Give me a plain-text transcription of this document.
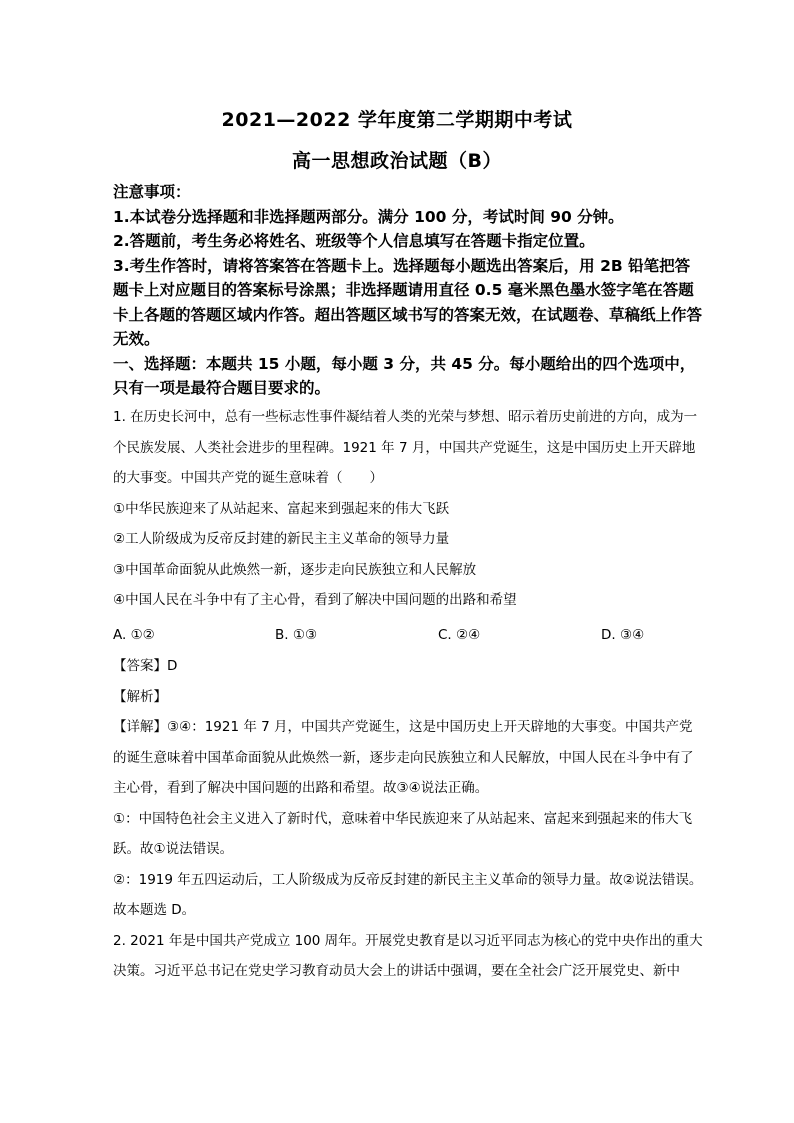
2021—2022 学年度第二学期期中考试
高一思想政治试题（B）

注意事项：

1.本试卷分选择题和非选择题两部分。满分 100 分，考试时间 90 分钟。

2.答题前，考生务必将姓名、班级等个人信息填写在答题卡指定位置。

3.考生作答时，请将答案答在答题卡上。选择题每小题选出答案后，用 2B 铅笔把答题卡上对应题目的答案标号涂黑；非选择题请用直径 0.5 毫米黑色墨水签字笔在答题卡上各题的答题区域内作答。超出答题区域书写的答案无效，在试题卷、草稿纸上作答无效。

一、选择题：本题共 15 小题，每小题 3 分，共 45 分。每小题给出的四个选项中，只有一项是最符合题目要求的。

1. 在历史长河中，总有一些标志性事件凝结着人类的光荣与梦想、昭示着历史前进的方向，成为一个民族发展、人类社会进步的里程碑。1921 年 7 月，中国共产党诞生，这是中国历史上开天辟地的大事变。中国共产党的诞生意味着（　　）

①中华民族迎来了从站起来、富起来到强起来的伟大飞跃

②工人阶级成为反帝反封建的新民主主义革命的领导力量

③中国革命面貌从此焕然一新，逐步走向民族独立和人民解放

④中国人民在斗争中有了主心骨，看到了解决中国问题的出路和希望

A. ①②	B. ①③	C. ②④	D. ③④

【答案】D

【解析】

【详解】③④：1921 年 7 月，中国共产党诞生，这是中国历史上开天辟地的大事变。中国共产党的诞生意味着中国革命面貌从此焕然一新，逐步走向民族独立和人民解放，中国人民在斗争中有了主心骨，看到了解决中国问题的出路和希望。故③④说法正确。

①：中国特色社会主义进入了新时代，意味着中华民族迎来了从站起来、富起来到强起来的伟大飞跃。故①说法错误。

②：1919 年五四运动后，工人阶级成为反帝反封建的新民主主义革命的领导力量。故②说法错误。

故本题选 D。

2. 2021 年是中国共产党成立 100 周年。开展党史教育是以习近平同志为核心的党中央作出的重大决策。习近平总书记在党史学习教育动员大会上的讲话中强调，要在全社会广泛开展党史、新中
